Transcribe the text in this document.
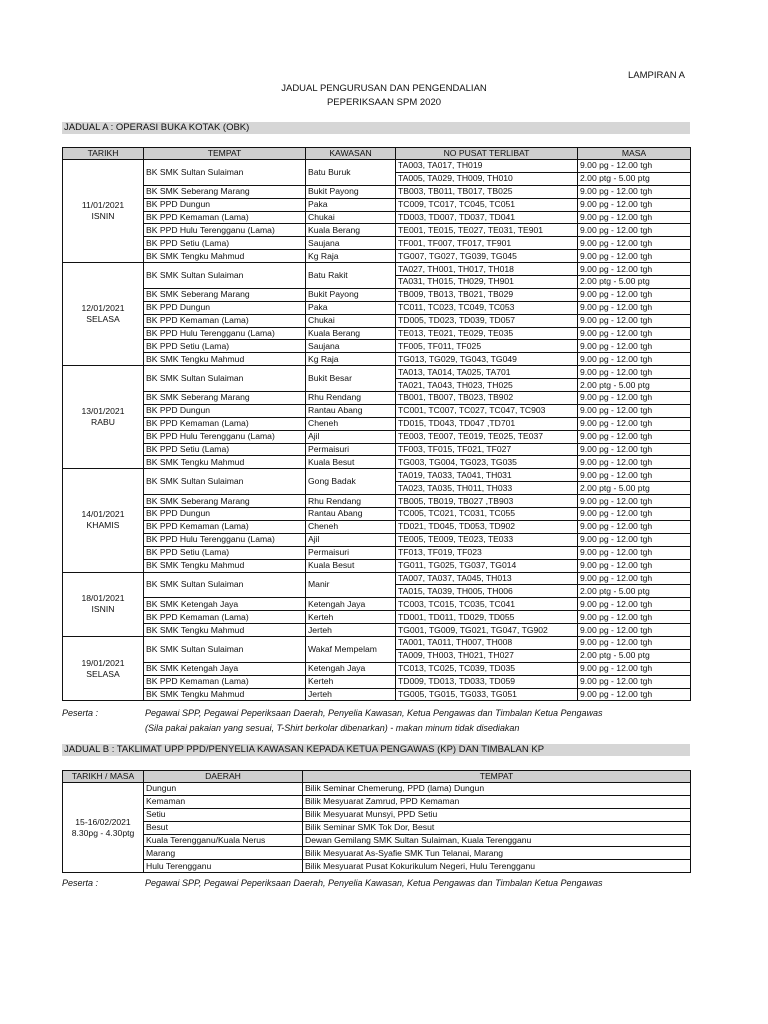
LAMPIRAN A
JADUAL PENGURUSAN DAN PENGENDALIAN
PEPERIKSAAN SPM 2020
JADUAL A : OPERASI BUKA KOTAK (OBK)
TARIKH	TEMPAT	KAWASAN	NO PUSAT TERLIBAT	MASA

11/01/2021
ISNIN	BK SMK Sultan Sulaiman	Batu Buruk	TA003, TA017, TH019	9.00 pg - 12.00 tgh
			TA005, TA029, TH009, TH010	2.00 ptg - 5.00 ptg
	BK SMK Seberang Marang	Bukit Payong	TB003, TB011, TB017, TB025	9.00 pg - 12.00 tgh
	BK PPD Dungun	Paka	TC009, TC017, TC045, TC051	9.00 pg - 12.00 tgh
	BK PPD Kemaman (Lama)	Chukai	TD003, TD007, TD037, TD041	9.00 pg - 12.00 tgh
	BK PPD Hulu Terengganu (Lama)	Kuala Berang	TE001, TE015, TE027, TE031, TE901	9.00 pg - 12.00 tgh
	BK PPD Setiu (Lama)	Saujana	TF001, TF007, TF017, TF901	9.00 pg - 12.00 tgh
	BK SMK Tengku Mahmud	Kg Raja	TG007, TG027, TG039, TG045	9.00 pg - 12.00 tgh

12/01/2021
SELASA	BK SMK Sultan Sulaiman	Batu Rakit	TA027, TH001, TH017, TH018	9.00 pg - 12.00 tgh
			TA031, TH015, TH029, TH901	2.00 ptg - 5.00 ptg
	BK SMK Seberang Marang	Bukit Payong	TB009, TB013, TB021, TB029	9.00 pg - 12.00 tgh
	BK PPD Dungun	Paka	TC011, TC023, TC049, TC053	9.00 pg - 12.00 tgh
	BK PPD Kemaman (Lama)	Chukai	TD005, TD023, TD039, TD057	9.00 pg - 12.00 tgh
	BK PPD Hulu Terengganu (Lama)	Kuala Berang	TE013, TE021, TE029, TE035	9.00 pg - 12.00 tgh
	BK PPD Setiu (Lama)	Saujana	TF005, TF011, TF025	9.00 pg - 12.00 tgh
	BK SMK Tengku Mahmud	Kg Raja	TG013, TG029, TG043, TG049	9.00 pg - 12.00 tgh

13/01/2021
RABU	BK SMK Sultan Sulaiman	Bukit Besar	TA013, TA014, TA025, TA701	9.00 pg - 12.00 tgh
			TA021, TA043, TH023, TH025	2.00 ptg - 5.00 ptg
	BK SMK Seberang Marang	Rhu Rendang	TB001, TB007, TB023, TB902	9.00 pg - 12.00 tgh
	BK PPD Dungun	Rantau Abang	TC001, TC007, TC027, TC047, TC903	9.00 pg - 12.00 tgh
	BK PPD Kemaman (Lama)	Cheneh	TD015, TD043, TD047 ,TD701	9.00 pg - 12.00 tgh
	BK PPD Hulu Terengganu (Lama)	Ajil	TE003, TE007, TE019, TE025, TE037	9.00 pg - 12.00 tgh
	BK PPD Setiu (Lama)	Permaisuri	TF003, TF015, TF021, TF027	9.00 pg - 12.00 tgh
	BK SMK Tengku Mahmud	Kuala Besut	TG003, TG004, TG023, TG035	9.00 pg - 12.00 tgh

14/01/2021
KHAMIS	BK SMK Sultan Sulaiman	Gong Badak	TA019, TA033, TA041, TH031	9.00 pg - 12.00 tgh
			TA023, TA035, TH011, TH033	2.00 ptg - 5.00 ptg
	BK SMK Seberang Marang	Rhu Rendang	TB005, TB019, TB027 ,TB903	9.00 pg - 12.00 tgh
	BK PPD Dungun	Rantau Abang	TC005, TC021, TC031, TC055	9.00 pg - 12.00 tgh
	BK PPD Kemaman (Lama)	Cheneh	TD021, TD045, TD053, TD902	9.00 pg - 12.00 tgh
	BK PPD Hulu Terengganu (Lama)	Ajil	TE005, TE009, TE023, TE033	9.00 pg - 12.00 tgh
	BK PPD Setiu (Lama)	Permaisuri	TF013, TF019, TF023	9.00 pg - 12.00 tgh
	BK SMK Tengku Mahmud	Kuala Besut	TG011, TG025, TG037, TG014	9.00 pg - 12.00 tgh

18/01/2021
ISNIN	BK SMK Sultan Sulaiman	Manir	TA007, TA037, TA045, TH013	9.00 pg - 12.00 tgh
			TA015, TA039, TH005, TH006	2.00 ptg - 5.00 ptg
	BK SMK Ketengah Jaya	Ketengah Jaya	TC003, TC015, TC035, TC041	9.00 pg - 12.00 tgh
	BK PPD Kemaman (Lama)	Kerteh	TD001, TD011, TD029, TD055	9.00 pg - 12.00 tgh
	BK SMK Tengku Mahmud	Jerteh	TG001, TG009, TG021, TG047, TG902	9.00 pg - 12.00 tgh

19/01/2021
SELASA	BK SMK Sultan Sulaiman	Wakaf Mempelam	TA001, TA011, TH007, TH008	9.00 pg - 12.00 tgh
			TA009, TH003, TH021, TH027	2.00 ptg - 5.00 ptg
	BK SMK Ketengah Jaya	Ketengah Jaya	TC013, TC025, TC039, TD035	9.00 pg - 12.00 tgh
	BK PPD Kemaman (Lama)	Kerteh	TD009, TD013, TD033, TD059	9.00 pg - 12.00 tgh
	BK SMK Tengku Mahmud	Jerteh	TG005, TG015, TG033, TG051	9.00 pg - 12.00 tgh
Peserta :	Pegawai SPP, Pegawai Peperiksaan Daerah, Penyelia Kawasan, Ketua Pengawas dan Timbalan Ketua Pengawas
(Sila pakai pakaian yang sesuai, T-Shirt berkolar dibenarkan) - makan minum tidak disediakan
JADUAL B : TAKLIMAT UPP PPD/PENYELIA KAWASAN KEPADA KETUA PENGAWAS (KP) DAN TIMBALAN KP
TARIKH / MASA	DAERAH	TEMPAT

15-16/02/2021
8.30pg - 4.30ptg	Dungun	Bilik Seminar Chemerung, PPD (lama) Dungun
	Kemaman	Bilik Mesyuarat Zamrud, PPD Kemaman
	Setiu	Bilik Mesyuarat Munsyi, PPD Setiu
	Besut	Bilik Seminar SMK Tok Dor, Besut
	Kuala Terengganu/Kuala Nerus	Dewan Gemilang SMK Sultan Sulaiman, Kuala Terengganu
	Marang	Bilik Mesyuarat As-Syafie SMK Tun Telanai, Marang
	Hulu Terengganu	Bilik Mesyuarat Pusat Kokurikulum Negeri, Hulu Terengganu
Peserta :	Pegawai SPP, Pegawai Peperiksaan Daerah, Penyelia Kawasan, Ketua Pengawas dan Timbalan Ketua Pengawas
